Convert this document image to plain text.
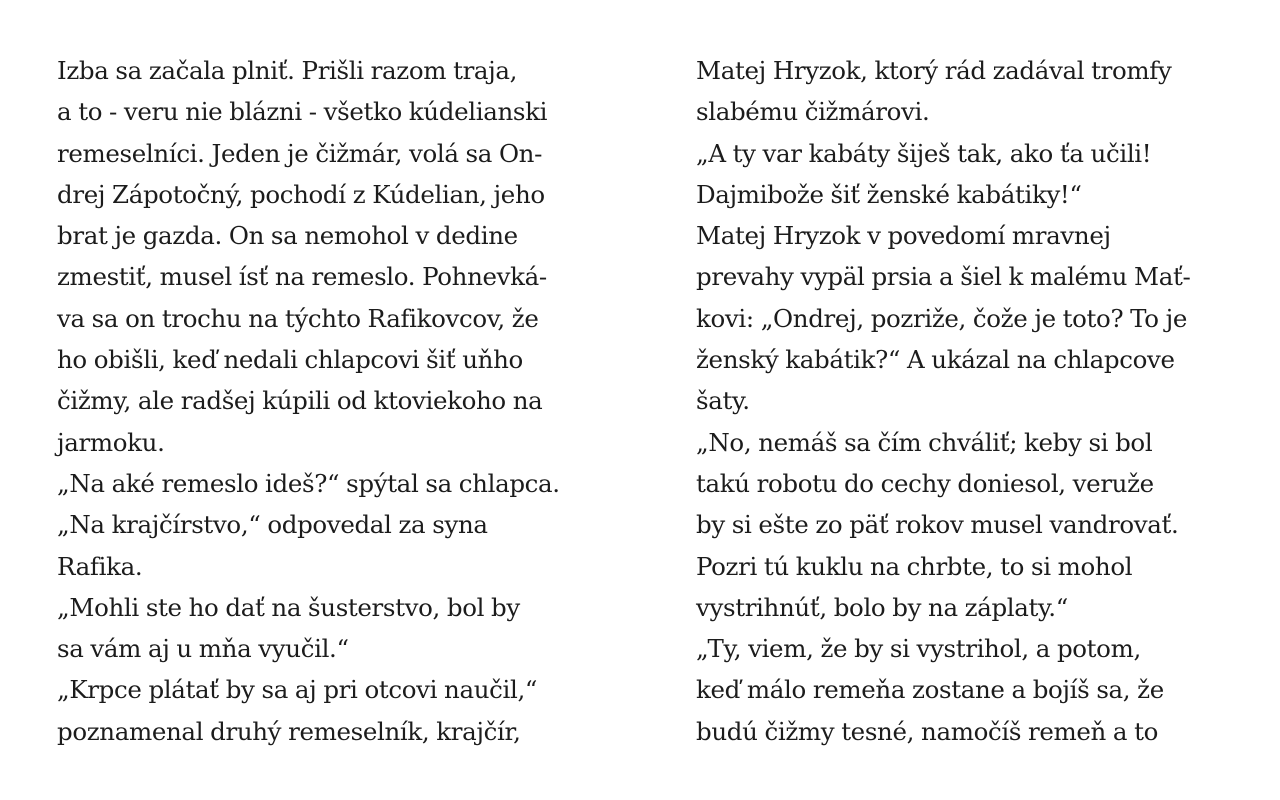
Izba sa začala plniť. Prišli razom traja,
a to - veru nie blázni - všetko kúdelianski
remeselníci. Jeden je čižmár, volá sa On-
drej Zápotočný, pochodí z Kúdelian, jeho
brat je gazda. On sa nemohol v dedine
zmestiť, musel ísť na remeslo. Pohnevká-
va sa on trochu na týchto Rafikovcov, že
ho obišli, keď nedali chlapcovi šiť uňho
čižmy, ale radšej kúpili od ktoviekoho na
jarmoku.
„Na aké remeslo ideš?“ spýtal sa chlapca.
„Na krajčírstvo,“ odpovedal za syna
Rafika.
„Mohli ste ho dať na šusterstvo, bol by
sa vám aj u mňa vyučil.“
„Krpce plátať by sa aj pri otcovi naučil,“
poznamenal druhý remeselník, krajčír,
Matej Hryzok, ktorý rád zadával tromfy
slabému čižmárovi.
„A ty var kabáty šiješ tak, ako ťa učili!
Dajmibože šiť ženské kabátiky!“
Matej Hryzok v povedomí mravnej
prevahy vypäl prsia a šiel k malému Mať-
kovi: „Ondrej, pozriže, čože je toto? To je
ženský kabátik?“ A ukázal na chlapcove
šaty.
„No, nemáš sa čím chváliť; keby si bol
takú robotu do cechy doniesol, veruže
by si ešte zo päť rokov musel vandrovať.
Pozri tú kuklu na chrbte, to si mohol
vystrihnúť, bolo by na záplaty.“
„Ty, viem, že by si vystrihol, a potom,
keď málo remeňa zostane a bojíš sa, že
budú čižmy tesné, namočíš remeň a to
